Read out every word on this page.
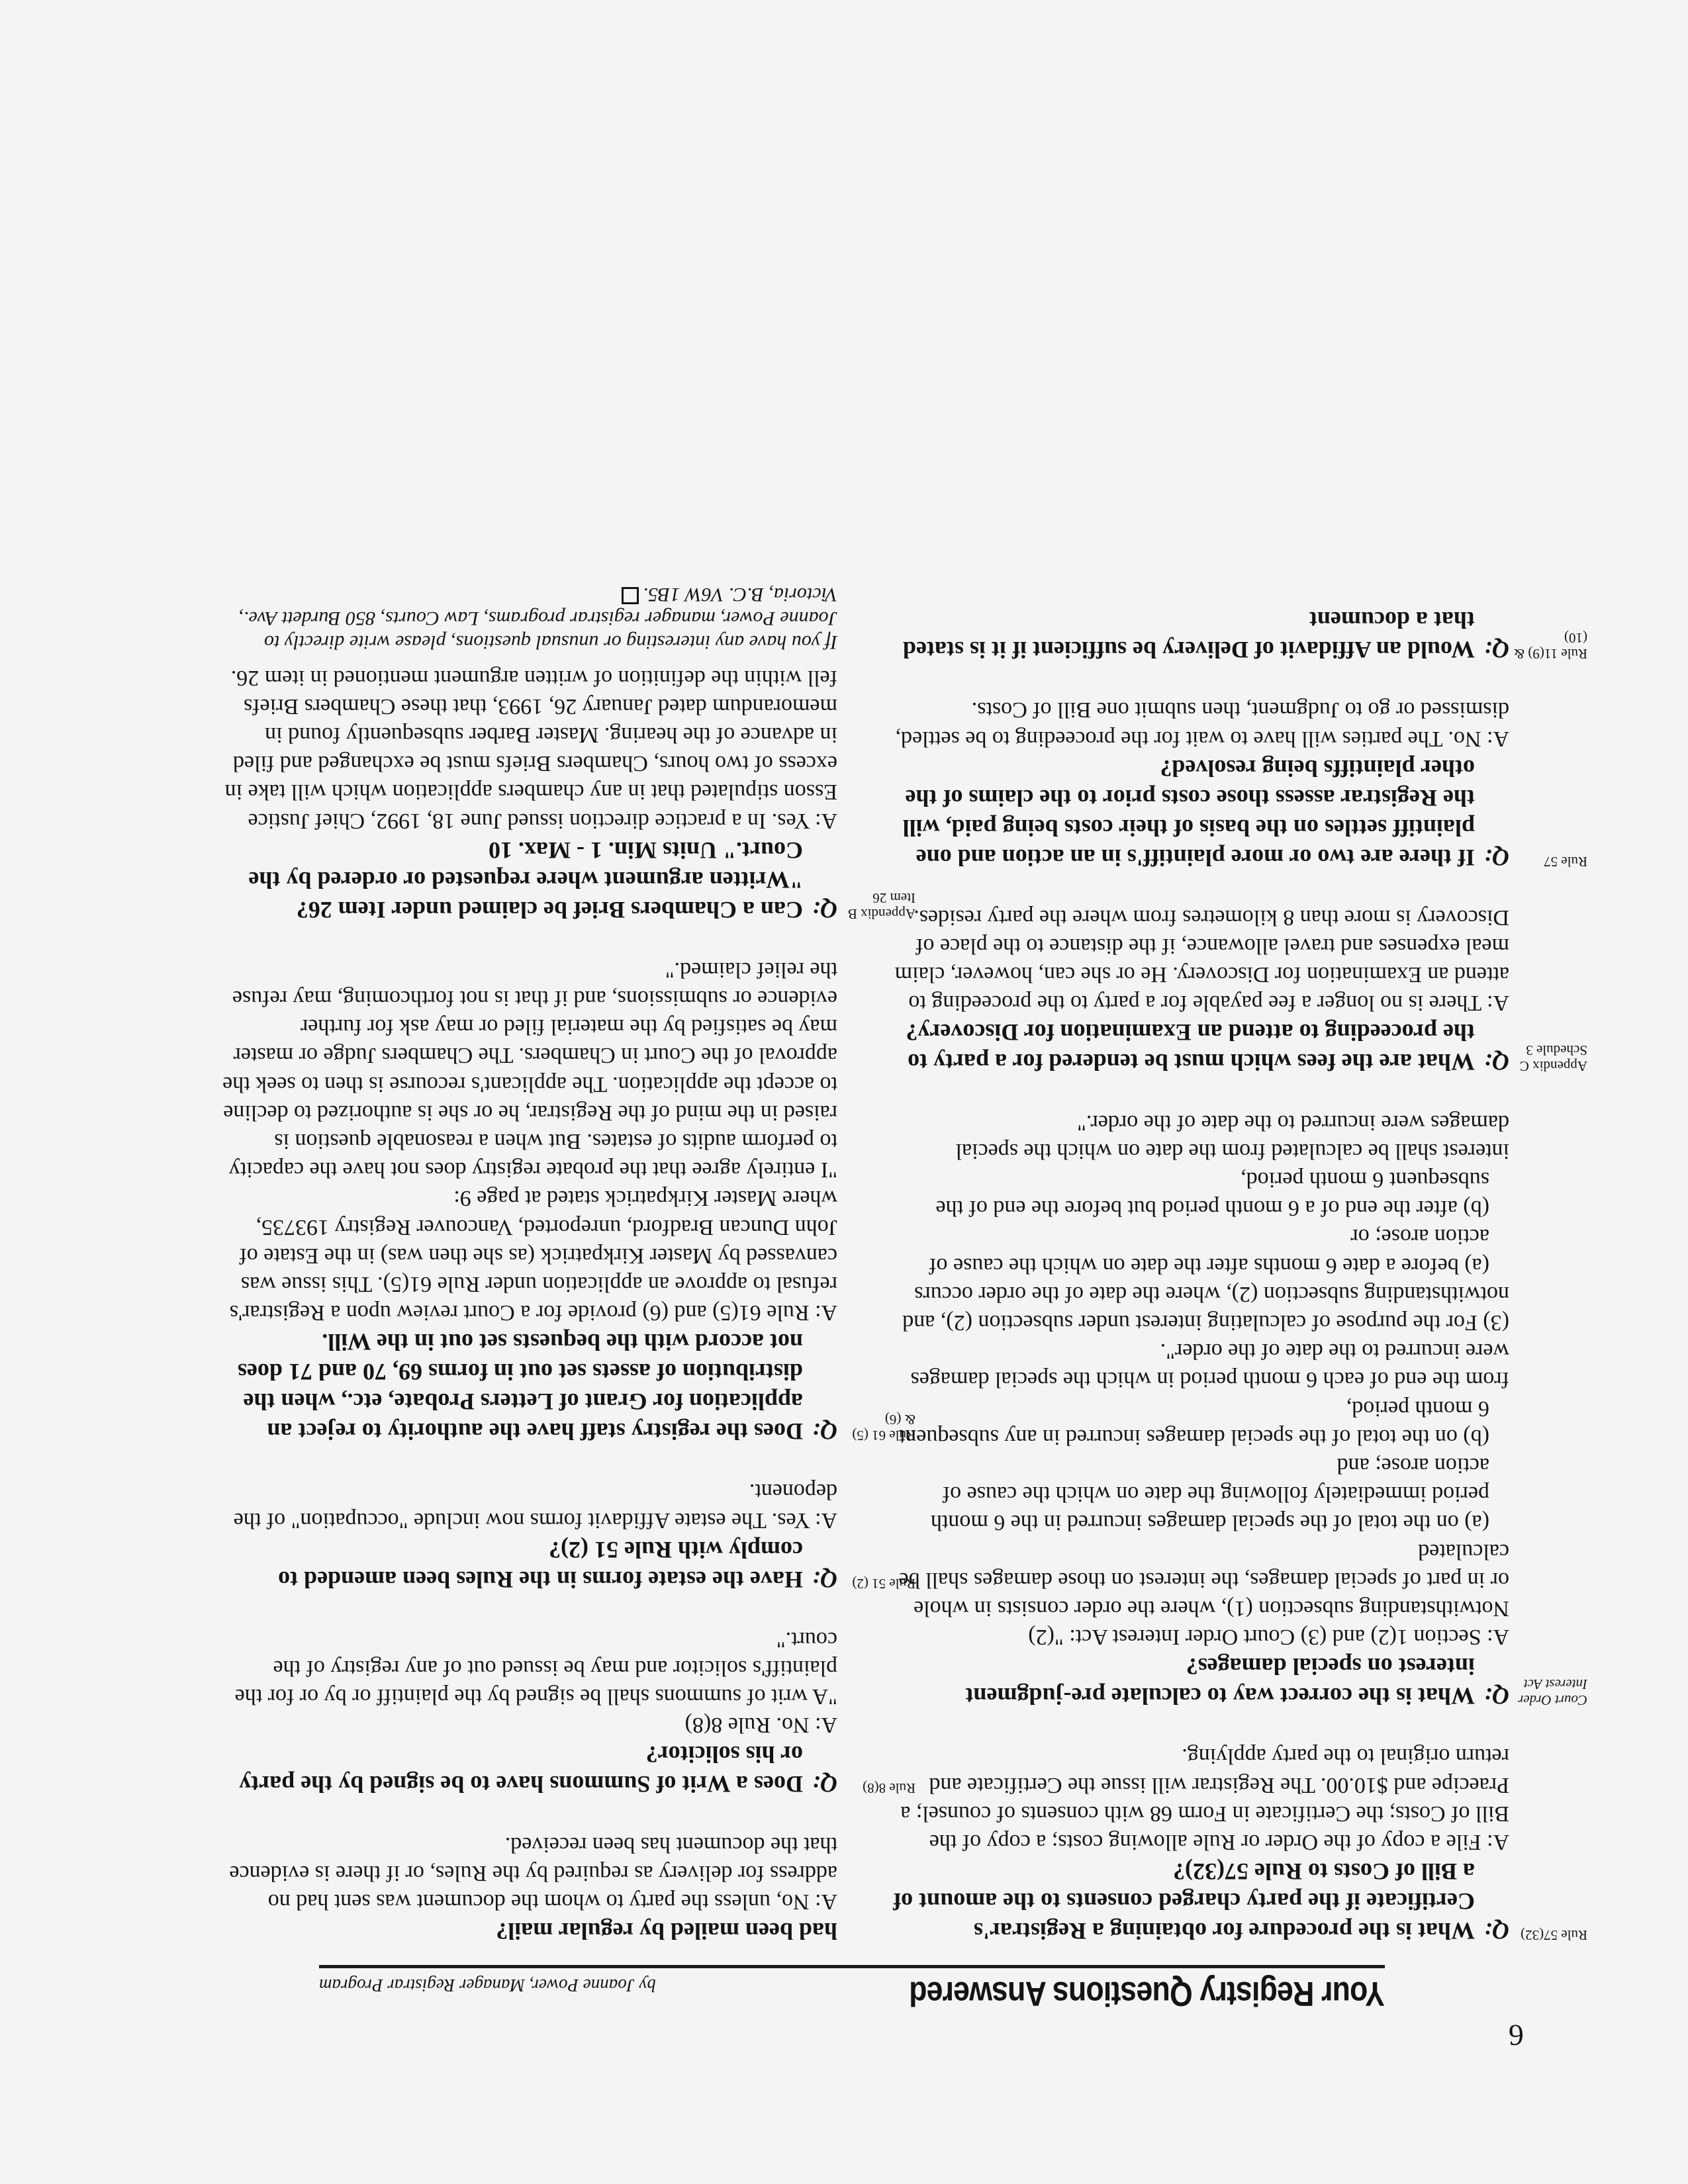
6
Your Registry Questions Answered
by Joanne Power, Manager Registrar Program
Rule 57(32)

Q:What is the procedure for obtaining a Registrar's Certificate if the party charged consents to the amount of a Bill of Costs to Rule 57(32)?

A: File a copy of the Order or Rule allowing costs; a copy of the Bill of Costs; the Certificate in Form 68 with consents of counsel; a Praecipe and $10.00. The Registrar will issue the Certificate and return original to the party applying.

Court Order Interest Act

Q:What is the correct way to calculate pre-judgment interest on special damages?

A: Section 1(2) and (3) Court Order Interest Act: "(2) Notwithstanding subsection (1), where the order consists in whole or in part of special damages, the interest on those damages shall be calculated

(a) on the total of the special damages incurred in the 6 month period immediately following the date on which the cause of action arose; and
(b) on the total of the special damages incurred in any subsequent 6 month period,

from the end of each 6 month period in which the special damages were incurred to the date of the order".

(3) For the purpose of calculating interest under subsection (2), and notwithstanding subsection (2), where the date of the order occurs

(a) before a date 6 months after the date on which the cause of action arose; or
(b) after the end of a 6 month period but before the end of the subsequent 6 month period,

interest shall be calculated from the date on which the special damages were incurred to the date of the order."

Appendix C Schedule 3

Q:What are the fees which must be tendered for a party to the proceeding to attend an Examination for Discovery?

A: There is no longer a fee payable for a party to the proceeding to attend an Examination for Discovery. He or she can, however, claim meal expenses and travel allowance, if the distance to the place of Discovery is more than 8 kilometres from where the party resides.

Rule 57

Q:If there are two or more plaintiff's in an action and one plaintiff settles on the basis of their costs being paid, will the Registrar assess those costs prior to the claims of the other plaintiffs being resolved?

A: No. The parties will have to wait for the proceeding to be settled, dismissed or go to Judgment, then submit one Bill of Costs.

Rule 11(9) & (10)

Q:Would an Affidavit of Delivery be sufficient if it is stated that a document

had been mailed by regular mail?

A: No, unless the party to whom the document was sent had no address for delivery as required by the Rules, or if there is evidence that the document has been received.

Rule 8(8)

Q:Does a Writ of Summons have to be signed by the party or his solicitor?

A: No. Rule 8(8)

"A writ of summons shall be signed by the plaintiff or by or for the plaintiff's solicitor and may be issued out of any registry of the court."

Rule 51 (2)

Q:Have the estate forms in the Rules been amended to comply with Rule 51 (2)?

A: Yes. The estate Affidavit forms now include "occupation" of the deponent.

Rule 61 (5) & (6)

Q:Does the registry staff have the authority to reject an application for Grant of Letters Probate, etc., when the distribution of assets set out in forms 69, 70 and 71 does not accord with the bequests set out in the Will.

A: Rule 61(5) and (6) provide for a Court review upon a Registrar's refusal to approve an application under Rule 61(5). This issue was canvassed by Master Kirkpatrick (as she then was) in the Estate of John Duncan Bradford, unreported, Vancouver Registry 193735, where Master Kirkpatrick stated at page 9:

"I entirely agree that the probate registry does not have the capacity to perform audits of estates. But when a reasonable question is raised in the mind of the Registrar, he or she is authorized to decline to accept the application. The applicant's recourse is then to seek the approval of the Court in Chambers. The Chambers Judge or master may be satisfied by the material filed or may ask for further evidence or submissions, and if that is not forthcoming, may refuse the relief claimed."

Appendix B Item 26

Q:Can a Chambers Brief be claimed under Item 26? "Written argument where requested or ordered by the Court." Units Min. 1 - Max. 10

A: Yes. In a practice direction issued June 18, 1992, Chief Justice Esson stipulated that in any chambers application which will take in excess of two hours, Chambers Briefs must be exchanged and filed in advance of the hearing. Master Barber subsequently found in memorandum dated January 26, 1993, that these Chambers Briefs fell within the definition of written argument mentioned in item 26.

If you have any interesting or unusual questions, please write directly to Joanne Power, manager registrar programs, Law Courts, 850 Burdett Ave., Victoria, B.C. V6W 1B5.
